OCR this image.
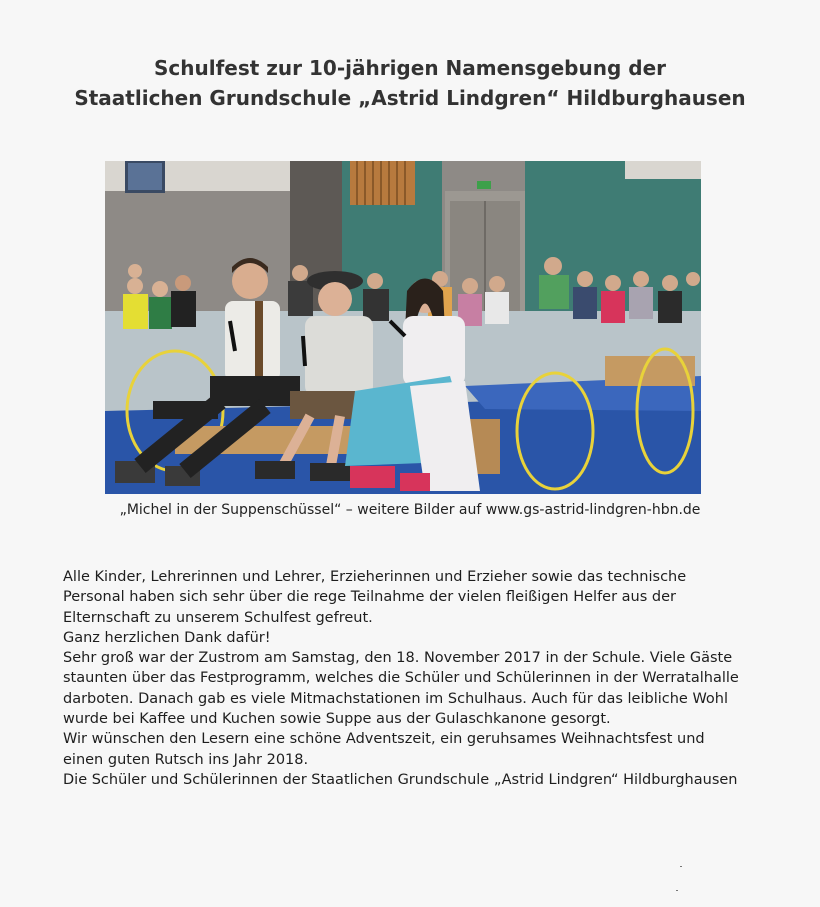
Schulfest zur 10-jährigen Namensgebung der
Staatlichen Grundschule „Astrid Lindgren“ Hildburghausen
„Michel in der Suppenschüssel“ – weitere Bilder auf www.gs-astrid-lindgren-hbn.de
Alle Kinder, Lehrerinnen und Lehrer, Erzieherinnen und Erzieher sowie das technische
Personal haben sich sehr über die rege Teilnahme der vielen fleißigen Helfer aus der
Elternschaft zu unserem Schulfest gefreut.
Ganz herzlichen Dank dafür!
Sehr groß war der Zustrom am Samstag, den 18. November 2017 in der Schule. Viele Gäste
staunten über das Festprogramm, welches die Schüler und Schülerinnen in der Werratalhalle
darboten. Danach gab es viele Mitmachstationen im Schulhaus. Auch für das leibliche Wohl
wurde bei Kaffee und Kuchen sowie Suppe aus der Gulaschkanone gesorgt.
Wir wünschen den Lesern eine schöne Adventszeit, ein geruhsames Weihnachtsfest und
einen guten Rutsch ins Jahr 2018.
Die Schüler und Schülerinnen der Staatlichen Grundschule „Astrid Lindgren“ Hildburghausen
